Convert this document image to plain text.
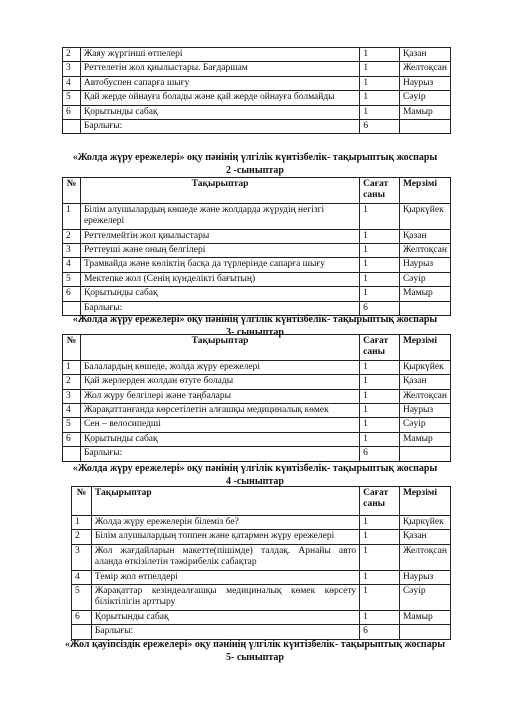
2	Жаяу жүргінші өтпелері	1	Қазан
3	Реттелетін жол қиылыстары. Бағдаршам	1	Желтоқсан
4	Автобуспен сапарға шығу	1	Наурыз
5	Қай жерде ойнауға болады және қай жерде ойнауға болмайды	1	Сәуір
6	Қорытынды сабақ	1	Мамыр
	Барлығы:	6	
«Жолда жүру ережелері» оқу пәнінің үлгілік күнтізбелік- тақырыптық жоспары
2 -сыныптар
№	Тақырыптар	Сағат саны	Мерзімі
1	Білім алушылардың көшеде және жолдарда жүрудің негізгі ережелері	1	Қыркүйек
2	Реттелмейтін жол қиылыстары	1	Қазан
3	Реттеуші және оның белгілері	1	Желтоқсан
4	Трамвайда және көліктің басқа да түрлерінде сапарға шығу	1	Наурыз
5	Мектепке жол (Сенің күнделікті бағытың)	1	Сәуір
6	Қорытынды сабақ	1	Мамыр
	Барлығы:	6	
«Жолда жүру ережелері» оқу пәнінің үлгілік күнтізбелік- тақырыптық жоспары
3- сыныптар
№	Тақырыптар	Сағат саны	Мерзімі
1	Балалардың көшеде, жолда жүру ережелері	1	Қыркүйек
2	Қай жерлерден жолдан өтуге болады	1	Қазан
3	Жол жүру белгілері және таңбалары	1	Желтоқсан
4	Жарақаттанғанда көрсетілетін алғашқы медициналық көмек	1	Наурыз
5	Сен – велосипедші	1	Сәуір
6	Қорытынды сабақ	1	Мамыр
	Барлығы:	6	
«Жолда жүру ережелері» оқу пәнінің үлгілік күнтізбелік- тақырыптық жоспары
4 -сыныптар
№	Тақырыптар	Сағат саны	Мерзімі
1	Жолда жүру ережелерін білеміз бе?	1	Қыркүйек
2	Білім алушылардың топпен және қатармен жүру ережелері	1	Қазан
3	Жол жағдайларын макетте(пішімде) талдақ. Арнайы авто аланда өткізілетін тәжірибелік сабақтар	1	Желтоқсан
4	Темір жол өтпелдері	1	Наурыз
5	Жарақаттар кезіндеалғашқы медициналық көмек көрсету біліктілігін арттыру	1	Сәуір
6	Қорытынды сабақ	1	Мамыр
	Барлығы:	6	
«Жол қауіпсіздік ережелері» оқу пәнінің үлгілік күнтізбелік- тақырыптық жоспары
5- сыныптар
